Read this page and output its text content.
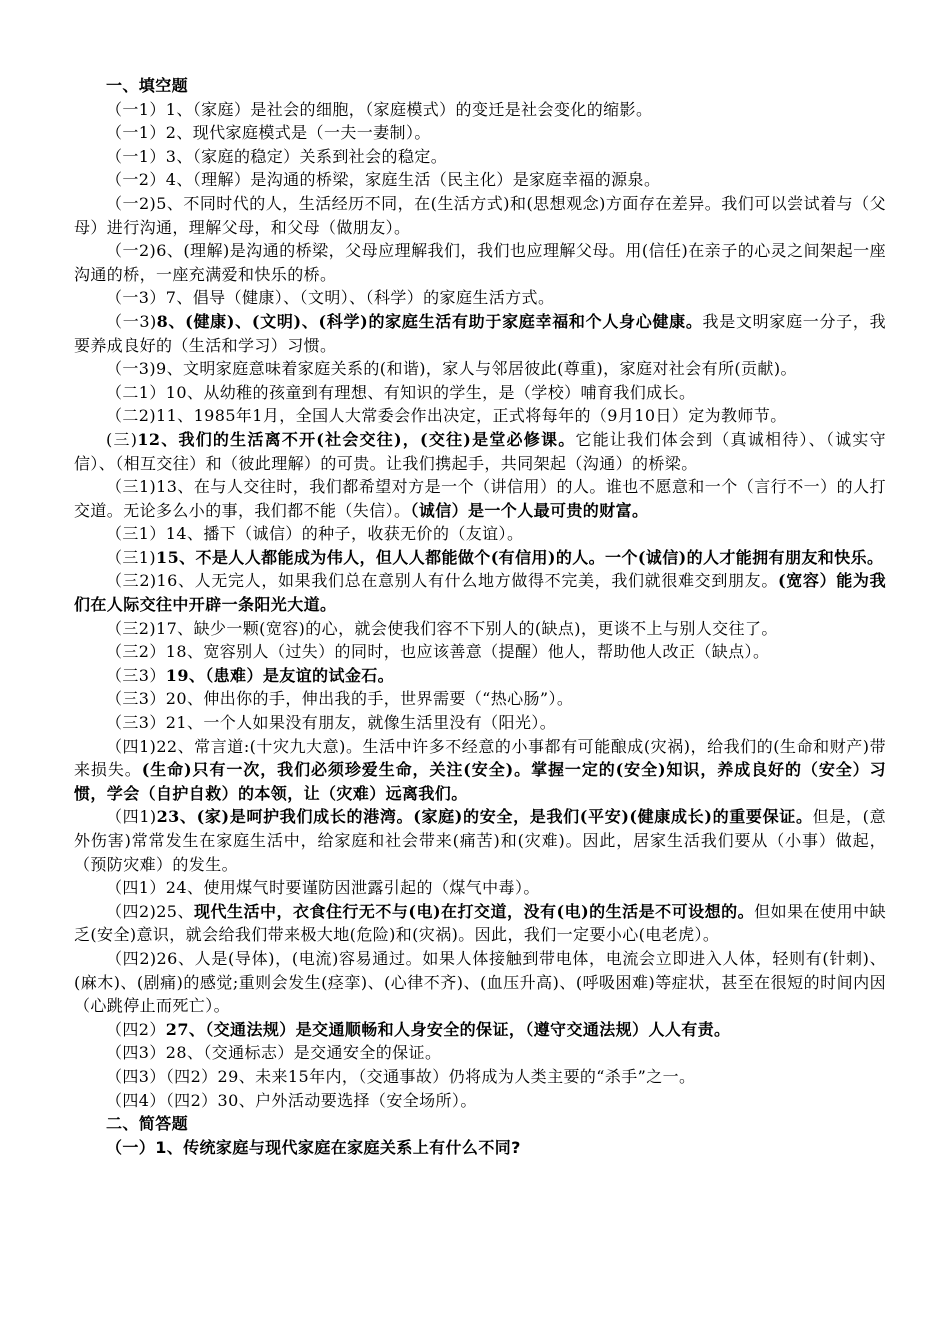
一、填空题

（一1）1、（家庭）是社会的细胞，（家庭模式）的变迁是社会变化的缩影。

（一1）2、现代家庭模式是（一夫一妻制）。

（一1）3、（家庭的稳定）关系到社会的稳定。

（一2）4、（理解）是沟通的桥梁，家庭生活（民主化）是家庭幸福的源泉。

（一2)5、不同时代的人，生活经历不同，在(生活方式)和(思想观念)方面存在差异。我们可以尝试着与（父母）进行沟通，理解父母，和父母（做朋友）。

（一2)6、(理解)是沟通的桥梁，父母应理解我们，我们也应理解父母。用(信任)在亲子的心灵之间架起一座沟通的桥，一座充满爱和快乐的桥。

（一3）7、倡导（健康）、（文明）、（科学）的家庭生活方式。

（一3)8、(健康)、(文明)、(科学)的家庭生活有助于家庭幸福和个人身心健康。我是文明家庭一分子，我要养成良好的（生活和学习）习惯。

（一3)9、文明家庭意味着家庭关系的(和谐)，家人与邻居彼此(尊重)，家庭对社会有所(贡献)。

（二1）10、从幼稚的孩童到有理想、有知识的学生，是（学校）哺育我们成长。

（二2)11、1985年1月，全国人大常委会作出决定，正式将每年的（9月10日）定为教师节。

(三)12、我们的生活离不开(社会交往)，(交往)是堂必修课。它能让我们体会到（真诚相待）、（诚实守信）、（相互交往）和（彼此理解）的可贵。让我们携起手，共同架起（沟通）的桥梁。

（三1)13、在与人交往时，我们都希望对方是一个（讲信用）的人。谁也不愿意和一个（言行不一）的人打交道。无论多么小的事，我们都不能（失信）。（诚信）是一个人最可贵的财富。

（三1）14、播下（诚信）的种子，收获无价的（友谊）。

（三1)15、不是人人都能成为伟人，但人人都能做个(有信用)的人。一个(诚信)的人才能拥有朋友和快乐。

（三2)16、人无完人，如果我们总在意别人有什么地方做得不完美，我们就很难交到朋友。(宽容）能为我们在人际交往中开辟一条阳光大道。

（三2)17、缺少一颗(宽容)的心，就会使我们容不下别人的(缺点)，更谈不上与别人交往了。

（三2）18、宽容别人（过失）的同时，也应该善意（提醒）他人，帮助他人改正（缺点）。

（三3）19、（患难）是友谊的试金石。

（三3）20、伸出你的手，伸出我的手，世界需要（“热心肠”）。

（三3）21、一个人如果没有朋友，就像生活里没有（阳光）。

（四1)22、常言道:(十灾九大意)。生活中许多不经意的小事都有可能酿成(灾祸)，给我们的(生命和财产)带来损失。(生命)只有一次，我们必须珍爱生命，关注(安全)。掌握一定的(安全)知识，养成良好的（安全）习惯，学会（自护自救）的本领，让（灾难）远离我们。

（四1)23、(家)是呵护我们成长的港湾。(家庭)的安全，是我们(平安)(健康成长)的重要保证。但是，(意外伤害)常常发生在家庭生活中，给家庭和社会带来(痛苦)和(灾难)。因此，居家生活我们要从（小事）做起，（预防灾难）的发生。

（四1）24、使用煤气时要谨防因泄露引起的（煤气中毒）。

（四2)25、现代生活中，衣食住行无不与(电)在打交道，没有(电)的生活是不可设想的。但如果在使用中缺乏(安全)意识，就会给我们带来极大地(危险)和(灾祸)。因此，我们一定要小心(电老虎）。

（四2)26、人是(导体)，(电流)容易通过。如果人体接触到带电体，电流会立即进入人体，轻则有(针刺)、(麻木)、(剧痛)的感觉;重则会发生(痉挛)、(心律不齐)、(血压升高)、(呼吸困难)等症状，甚至在很短的时间内因（心跳停止而死亡）。

（四2）27、（交通法规）是交通顺畅和人身安全的保证，（遵守交通法规）人人有责。

（四3）28、（交通标志）是交通安全的保证。

（四3）（四2）29、未来15年内，（交通事故）仍将成为人类主要的“杀手”之一。

（四4）（四2）30、户外活动要选择（安全场所）。

二、简答题

（一）1、传统家庭与现代家庭在家庭关系上有什么不同?
